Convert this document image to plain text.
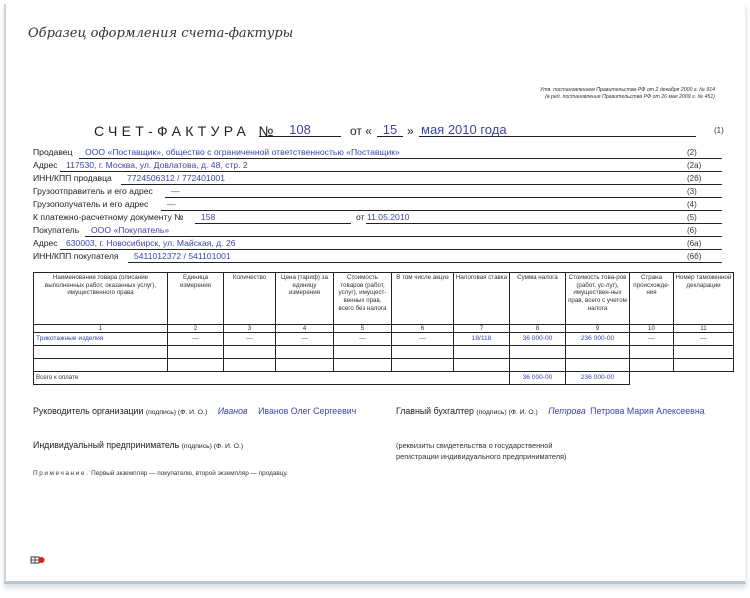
Образец оформления счета-фактуры
Утв. постановлением Правительства РФ от 2 декабря 2000 г. № 914
(в ред. постановления Правительства РФ от 26 мая 2009 г. № 451)
СЧЕТ-ФАКТУРА № 108	от « 15 » мая 2010 года	(1)
Продавец	ООО «Поставщик», общество с ограниченной ответственностью «Поставщик»	(2)
Адрес 117530, г. Москва, ул. Довлатова, д. 48, стр. 2	(2а)
ИНН/КПП продавца	7724506312 / 772401001	(2б)
Грузоотправитель и его адрес	—	(3)
Грузополучатель и его адрес	—	(4)
К платежно-расчетному документу №	158	от 11.05.2010	(5)
Покупатель	ООО «Покупатель»	(6)
Адрес 630003, г. Новосибирск, ул. Майская, д. 26	(6а)
ИНН/КПП покупателя	5411012372 / 541101001	(6б)
Наименование товара (описание выполненных работ, оказанных услуг), имущественного права	Единица измерения	Количество	Цена (тариф) за единицу измерения	Стоимость товаров (работ, услуг), имущест-венных прав, всего без налога	В том числе акциз	Налоговая ставка	Сумма налога	Стоимость това-ров (работ, ус-луг), имуществен-ных прав, всего с учетом налога	Страна происхожде-ния	Номер таможенной декларации
1	2	3	4	5	6	7	8	9	10	11
Трикотажные изделия	—	—	—	—	—	18/118	36 000-00	236 000-00	—	—

Всего к оплате							36 000-00	236 000-00		
Руководитель организации (подпись) (Ф. И. О.) Иванов Иванов Олег Сергеевич	Главный бухгалтер (подпись) (Ф. И. О.) Петрова Петрова Мария Алексеевна
Индивидуальный предприниматель (подпись) (Ф. И. О.)	(реквизиты свидетельства о государственной
регистрации индивидуального предпринимателя)
Примечание. Первый экземпляр — покупателю, второй экземпляр — продавцу.
